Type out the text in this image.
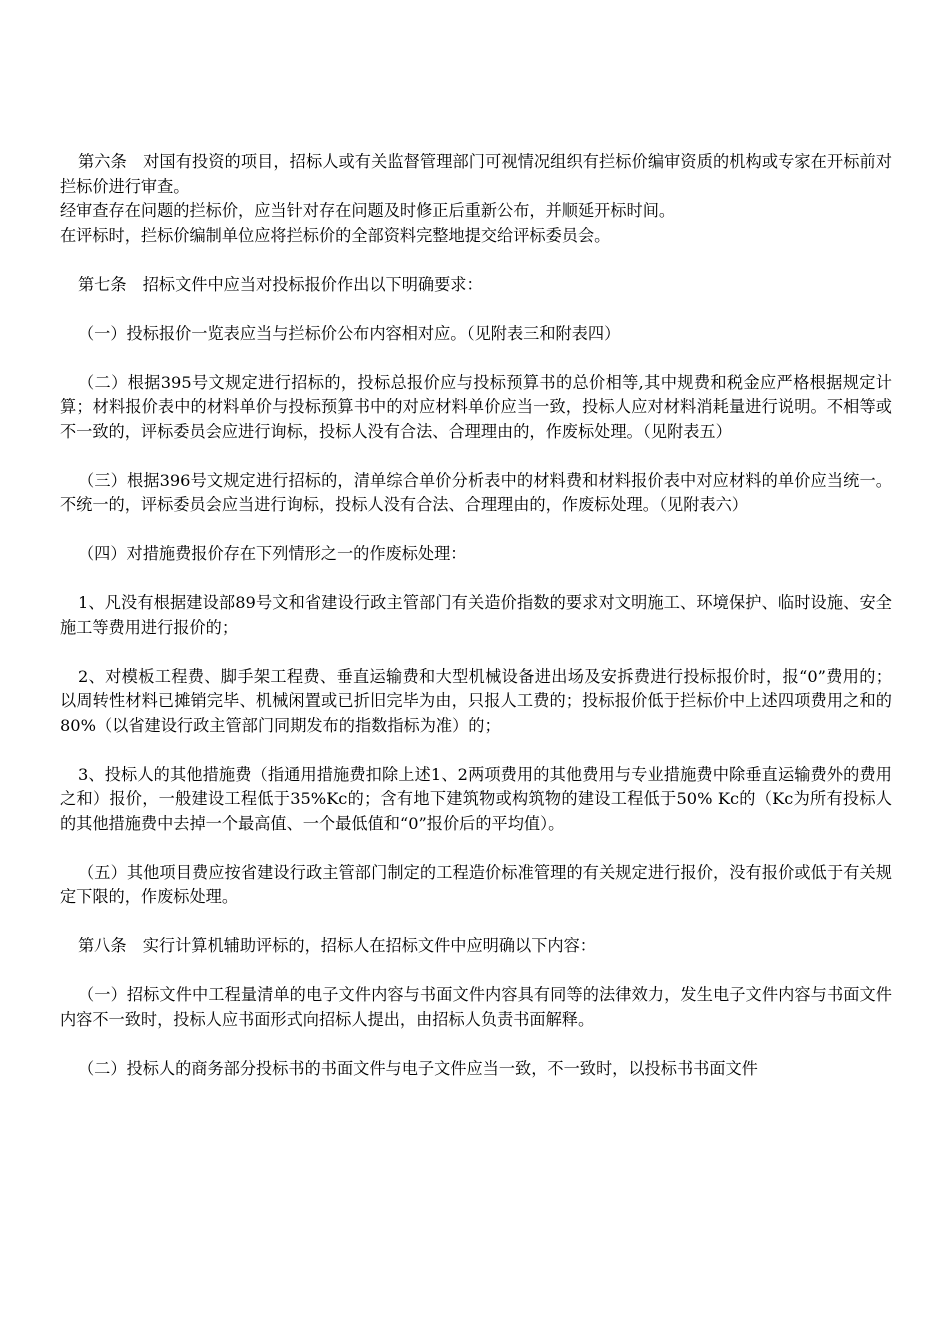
第六条　对国有投资的项目，招标人或有关监督管理部门可视情况组织有拦标价编审资质的机构或专家在开标前对拦标价进行审查。

经审查存在问题的拦标价，应当针对存在问题及时修正后重新公布，并顺延开标时间。

在评标时，拦标价编制单位应将拦标价的全部资料完整地提交给评标委员会。

第七条　招标文件中应当对投标报价作出以下明确要求：

（一）投标报价一览表应当与拦标价公布内容相对应。（见附表三和附表四）

（二）根据395号文规定进行招标的，投标总报价应与投标预算书的总价相等,其中规费和税金应严格根据规定计算；材料报价表中的材料单价与投标预算书中的对应材料单价应当一致，投标人应对材料消耗量进行说明。不相等或不一致的，评标委员会应进行询标，投标人没有合法、合理理由的，作废标处理。（见附表五）

（三）根据396号文规定进行招标的，清单综合单价分析表中的材料费和材料报价表中对应材料的单价应当统一。不统一的，评标委员会应当进行询标，投标人没有合法、合理理由的，作废标处理。（见附表六）

（四）对措施费报价存在下列情形之一的作废标处理：

1、凡没有根据建设部89号文和省建设行政主管部门有关造价指数的要求对文明施工、环境保护、临时设施、安全施工等费用进行报价的；

2、对模板工程费、脚手架工程费、垂直运输费和大型机械设备进出场及安拆费进行投标报价时，报“0”费用的；以周转性材料已摊销完毕、机械闲置或已折旧完毕为由，只报人工费的；投标报价低于拦标价中上述四项费用之和的80%（以省建设行政主管部门同期发布的指数指标为准）的；

3、投标人的其他措施费（指通用措施费扣除上述1、2两项费用的其他费用与专业措施费中除垂直运输费外的费用之和）报价，一般建设工程低于35%Kc的；含有地下建筑物或构筑物的建设工程低于50% Kc的（Kc为所有投标人的其他措施费中去掉一个最高值、一个最低值和“0”报价后的平均值）。

（五）其他项目费应按省建设行政主管部门制定的工程造价标准管理的有关规定进行报价，没有报价或低于有关规定下限的，作废标处理。

第八条　实行计算机辅助评标的，招标人在招标文件中应明确以下内容：

（一）招标文件中工程量清单的电子文件内容与书面文件内容具有同等的法律效力，发生电子文件内容与书面文件内容不一致时，投标人应书面形式向招标人提出，由招标人负责书面解释。

（二）投标人的商务部分投标书的书面文件与电子文件应当一致，不一致时，以投标书书面文件
